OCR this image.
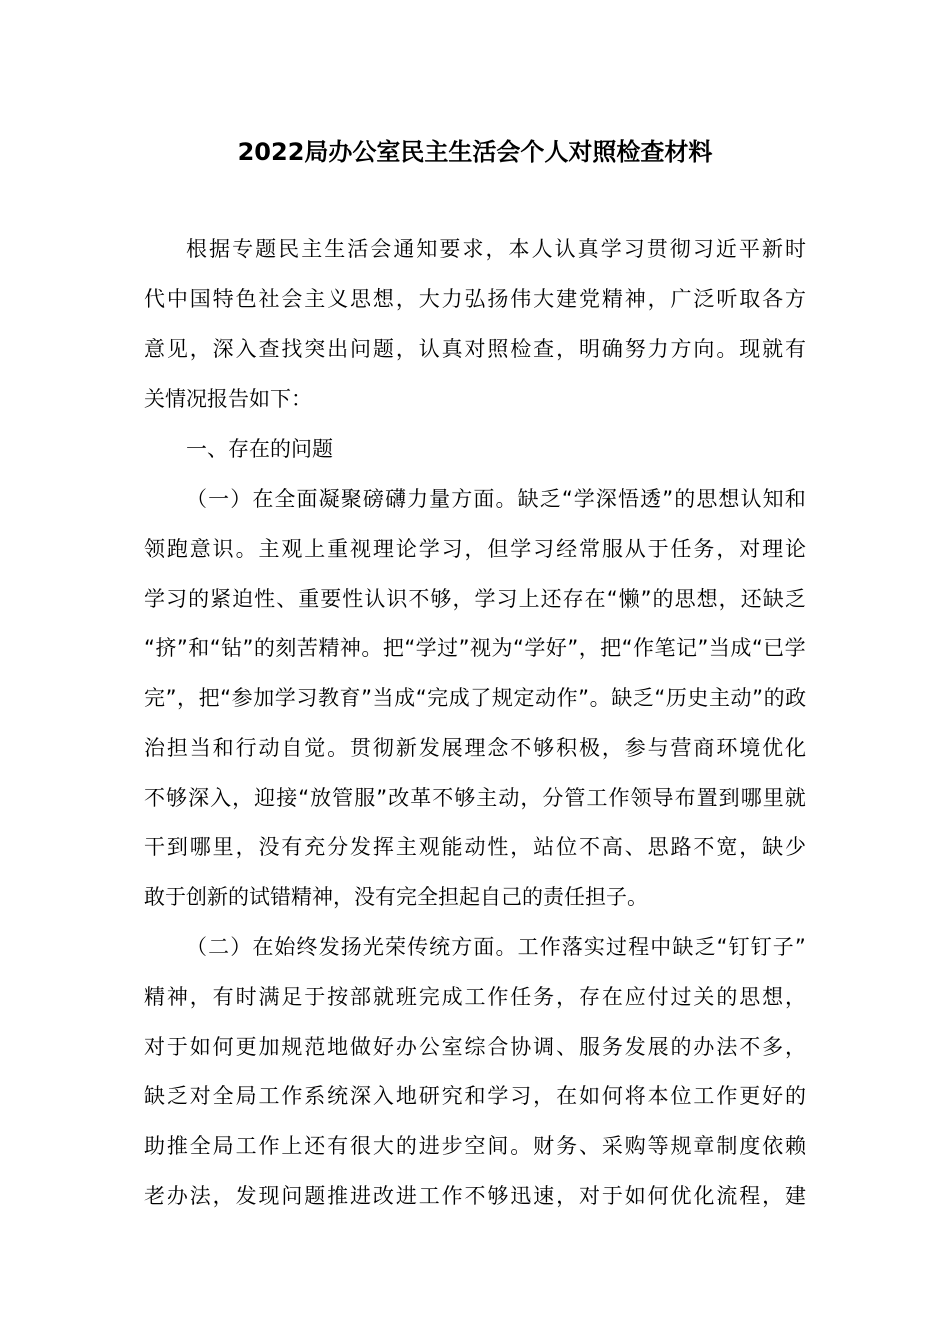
2022局办公室民主生活会个人对照检查材料
根据专题民主生活会通知要求，本人认真学习贯彻习近平新时
代中国特色社会主义思想，大力弘扬伟大建党精神，广泛听取各方
意见，深入查找突出问题，认真对照检查，明确努力方向。现就有
关情况报告如下：
一、存在的问题
（一）在全面凝聚磅礴力量方面。缺乏“学深悟透”的思想认知和
领跑意识。主观上重视理论学习，但学习经常服从于任务，对理论
学习的紧迫性、重要性认识不够，学习上还存在“懒”的思想，还缺乏
“挤”和“钻”的刻苦精神。把“学过”视为“学好”，把“作笔记”当成“已学
完”，把“参加学习教育”当成“完成了规定动作”。缺乏“历史主动”的政
治担当和行动自觉。贯彻新发展理念不够积极，参与营商环境优化
不够深入，迎接“放管服”改革不够主动，分管工作领导布置到哪里就
干到哪里，没有充分发挥主观能动性，站位不高、思路不宽，缺少
敢于创新的试错精神，没有完全担起自己的责任担子。
（二）在始终发扬光荣传统方面。工作落实过程中缺乏“钉钉子”
精神，有时满足于按部就班完成工作任务，存在应付过关的思想，
对于如何更加规范地做好办公室综合协调、服务发展的办法不多，
缺乏对全局工作系统深入地研究和学习，在如何将本位工作更好的
助推全局工作上还有很大的进步空间。财务、采购等规章制度依赖
老办法，发现问题推进改进工作不够迅速，对于如何优化流程，建
